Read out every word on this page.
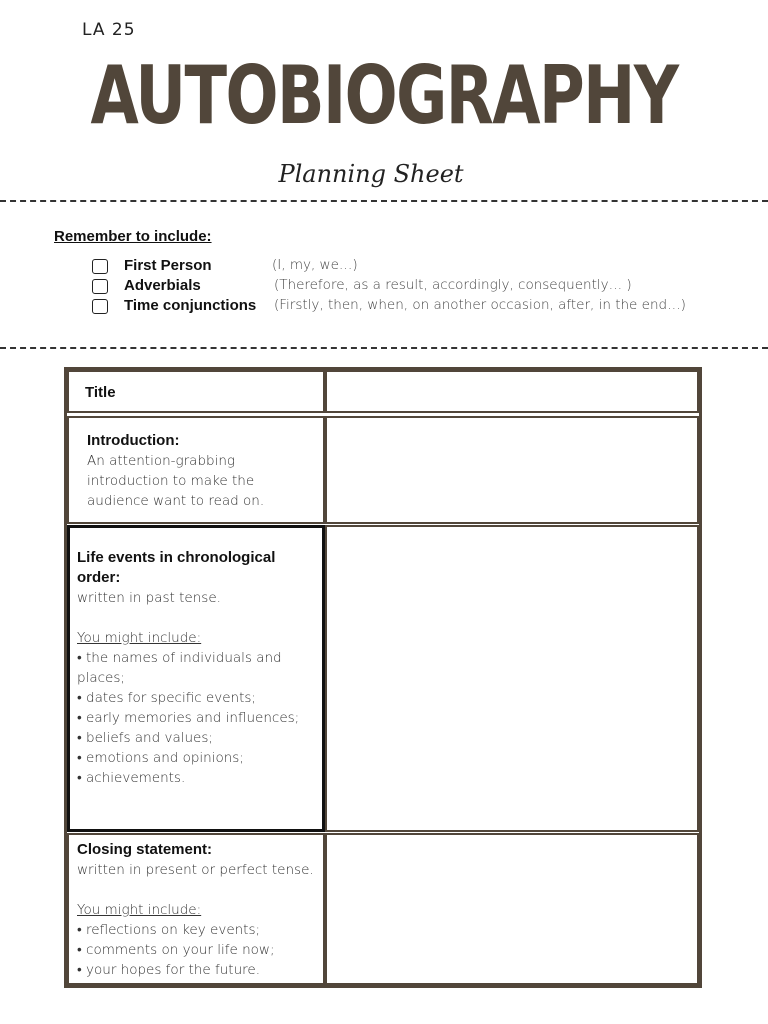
LA 25
AUTOBIOGRAPHY
Planning Sheet
Remember to include:
First Person	(I, my, we…)
Adverbials	(Therefore, as a result, accordingly, consequently… )
Time conjunctions (Firstly, then, when, on another occasion, after, in the end…)
Title
Introduction:
An attention-grabbing
introduction to make the
audience want to read on.
Life events in chronological
order:
written in past tense.
You might include:
• the names of individuals and
places;
• dates for specific events;
• early memories and influences;
• beliefs and values;
• emotions and opinions;
• achievements.
Closing statement:
written in present or perfect tense.
You might include:
• reflections on key events;
• comments on your life now;
• your hopes for the future.
